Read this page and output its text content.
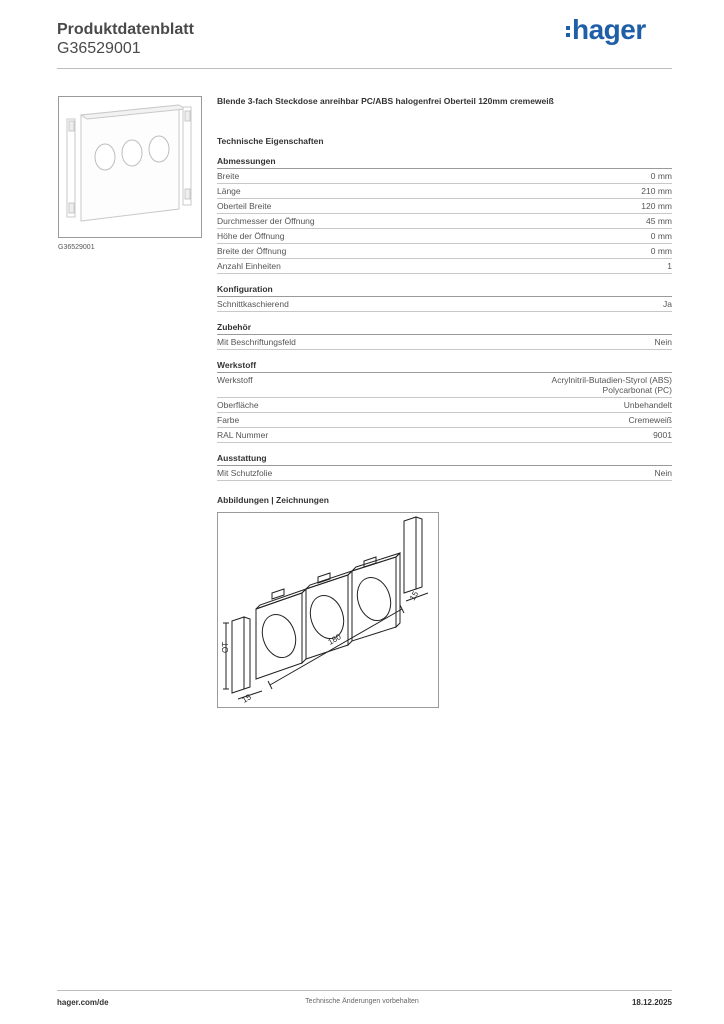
Produktdatenblatt
G36529001
hager
G36529001
Blende 3-fach Steckdose anreihbar PC/ABS halogenfrei Oberteil 120mm cremeweiß
Technische Eigenschaften
Abmessungen
Breite	0 mm
Länge	210 mm
Oberteil Breite	120 mm
Durchmesser der Öffnung	45 mm
Höhe der Öffnung	0 mm
Breite der Öffnung	0 mm
Anzahl Einheiten	1
Konfiguration
Schnittkaschierend	Ja
Zubehör
Mit Beschriftungsfeld	Nein
Werkstoff
Werkstoff	Acrylnitril-Butadien-Styrol (ABS)
Polycarbonat (PC)
Oberfläche	Unbehandelt
Farbe	Cremeweiß
RAL Nummer	9001
Ausstattung
Mit Schutzfolie	Nein
Abbildungen | Zeichnungen
180
15
15
OT
hager.com/de	Technische Änderungen vorbehalten	18.12.2025
